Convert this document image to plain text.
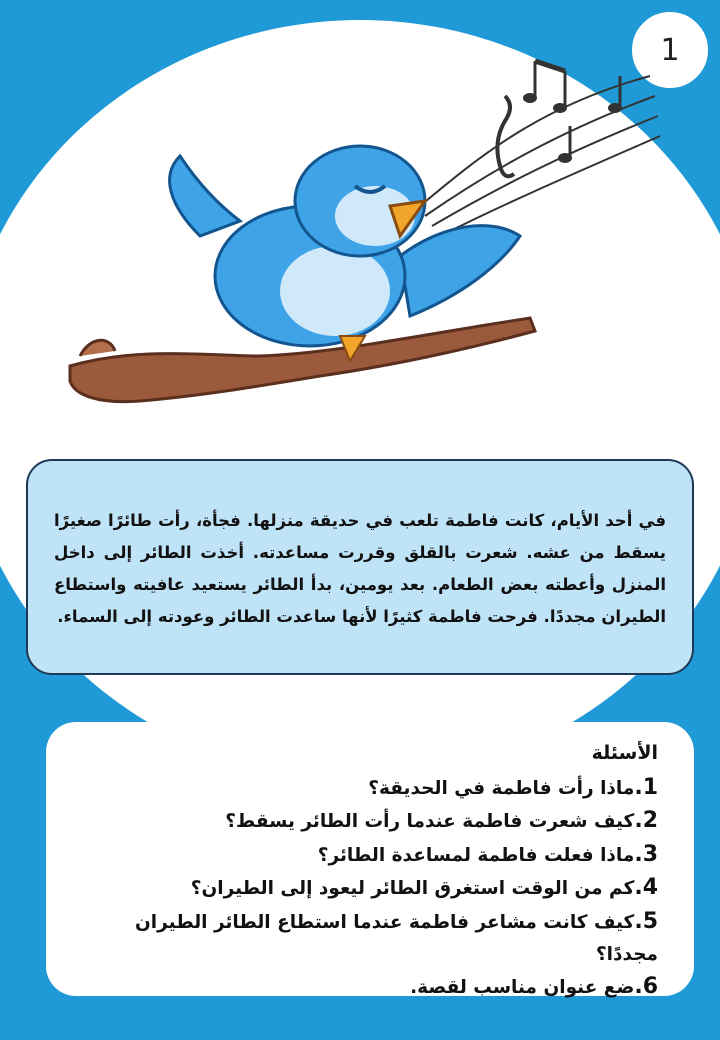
1

في أحد الأيام، كانت فاطمة تلعب في حديقة منزلها. فجأة، رأت طائرًا صغيرًا يسقط من عشه. شعرت بالقلق وقررت مساعدته. أخذت الطائر إلى داخل المنزل وأعطته بعض الطعام. بعد يومين، بدأ الطائر يستعيد عافيته واستطاع الطيران مجددًا. فرحت فاطمة كثيرًا لأنها ساعدت الطائر وعودته إلى السماء.

الأسئلة
1.ماذا رأت فاطمة في الحديقة؟
2.كيف شعرت فاطمة عندما رأت الطائر يسقط؟
3.ماذا فعلت فاطمة لمساعدة الطائر؟
4.كم من الوقت استغرق الطائر ليعود إلى الطيران؟
5.كيف كانت مشاعر فاطمة عندما استطاع الطائر الطيران مجددًا؟
6.ضع عنوان مناسب لقصة.
